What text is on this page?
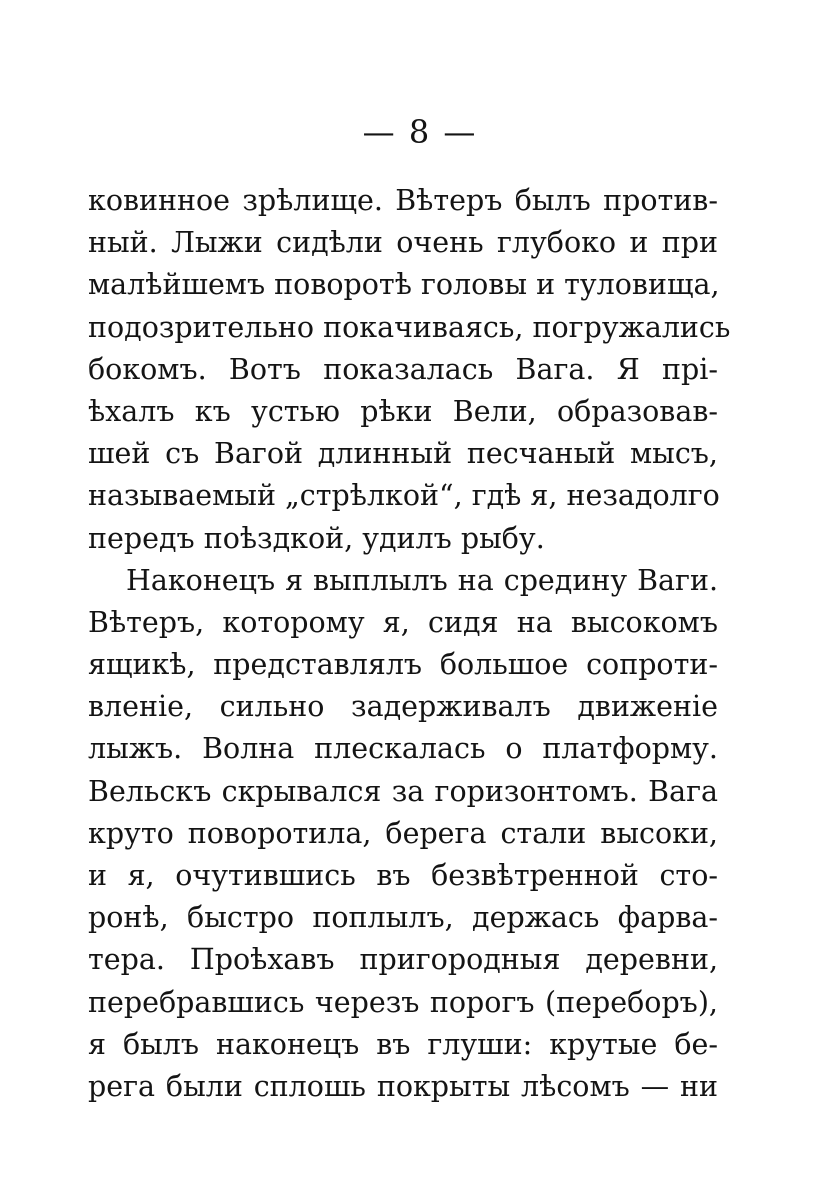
— 8 —
ковинное зрѣлище. Вѣтеръ былъ против-
ный. Лыжи сидѣли очень глубоко и при
малѣйшемъ поворотѣ головы и туловища,
подозрительно покачиваясь, погружались
бокомъ. Вотъ показалась Вага. Я прі-
ѣхалъ къ устью рѣки Вели, образовав-
шей съ Вагой длинный песчаный мысъ,
называемый „стрѣлкой“, гдѣ я, незадолго
передъ поѣздкой, удилъ рыбу.
Наконецъ я выплылъ на средину Ваги.
Вѣтеръ, которому я, сидя на высокомъ
ящикѣ, представлялъ большое сопроти-
вленіе, сильно задерживалъ движеніе
лыжъ. Волна плескалась о платформу.
Вельскъ скрывался за горизонтомъ. Вага
круто поворотила, берега стали высоки,
и я, очутившись въ безвѣтренной сто-
ронѣ, быстро поплылъ, держась фарва-
тера. Проѣхавъ пригородныя деревни,
перебравшись черезъ порогъ (переборъ),
я былъ наконецъ въ глуши: крутые бе-
рега были сплошь покрыты лѣсомъ — ни
